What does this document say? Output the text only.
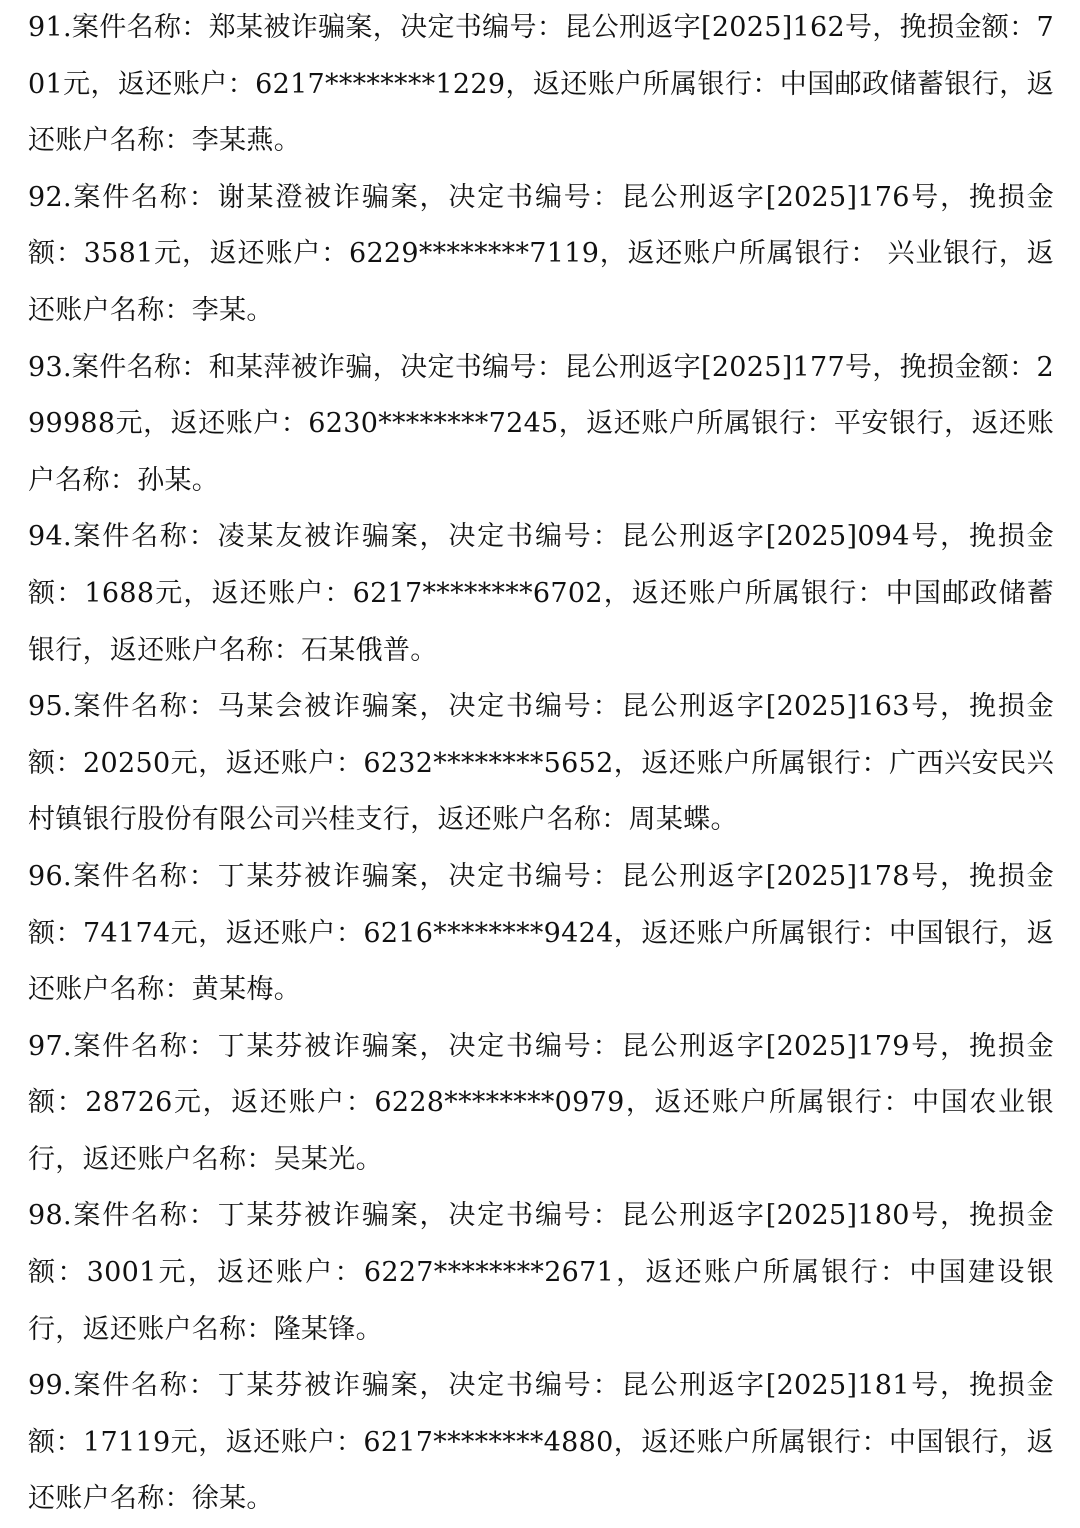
91.案件名称：郑某被诈骗案，决定书编号：昆公刑返字[2025]162号，挽损金额：701元，返还账户：6217********1229，返还账户所属银行：中国邮政储蓄银行，返还账户名称：李某燕。

92.案件名称：谢某澄被诈骗案，决定书编号：昆公刑返字[2025]176号，挽损金额：3581元，返还账户：6229********7119，返还账户所属银行： 兴业银行，返还账户名称：李某。

93.案件名称：和某萍被诈骗，决定书编号：昆公刑返字[2025]177号，挽损金额：299988元，返还账户：6230********7245，返还账户所属银行：平安银行，返还账户名称：孙某。

94.案件名称：凌某友被诈骗案，决定书编号：昆公刑返字[2025]094号，挽损金额：1688元，返还账户：6217********6702，返还账户所属银行：中国邮政储蓄银行，返还账户名称：石某俄普。

95.案件名称：马某会被诈骗案，决定书编号：昆公刑返字[2025]163号，挽损金额：20250元，返还账户：6232********5652，返还账户所属银行：广西兴安民兴村镇银行股份有限公司兴桂支行，返还账户名称：周某蝶。

96.案件名称：丁某芬被诈骗案，决定书编号：昆公刑返字[2025]178号，挽损金额：74174元，返还账户：6216********9424，返还账户所属银行：中国银行，返还账户名称：黄某梅。

97.案件名称：丁某芬被诈骗案，决定书编号：昆公刑返字[2025]179号，挽损金额：28726元，返还账户：6228********0979，返还账户所属银行：中国农业银行，返还账户名称：吴某光。

98.案件名称：丁某芬被诈骗案，决定书编号：昆公刑返字[2025]180号，挽损金额：3001元，返还账户：6227********2671，返还账户所属银行：中国建设银行，返还账户名称：隆某锋。

99.案件名称：丁某芬被诈骗案，决定书编号：昆公刑返字[2025]181号，挽损金额：17119元，返还账户：6217********4880，返还账户所属银行：中国银行，返还账户名称：徐某。
